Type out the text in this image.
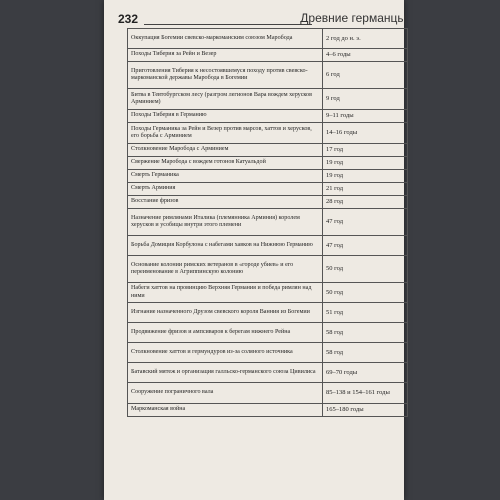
232	Древние германцы
Оккупация Богемии свевско-маркоманским союзом Маробода	2 год до н. э.
Походы Тиберия за Рейн и Везер	4–6 годы
Приготовления Тиберия к несостоявшемуся походу против свевско-маркоманской державы Маробода в Богемии	6 год
Битва в Тевтобургском лесу (разгром легионов Вара вождем херусков Арминием)	9 год
Походы Тиберия в Германию	9–11 годы
Походы Германика за Рейн и Везер против марсов, хаттов и херусков, его борьба с Арминием	14–16 годы
Столкновение Маробода с Арминием	17 год
Свержение Маробода с вождем готонов Катуальдой	19 год
Смерть Германика	19 год
Смерть Арминия	21 год
Восстание фризов	28 год
Назначение римлянами Италика (племянника Арминия) королем херусков и усобицы внутри этого племени	47 год
Борьба Домиция Корбулона с набегами хавков на Нижнюю Германию	47 год
Основание колонии римских ветеранов в «городе убиев» и его переименование в Агриппинскую колонию	50 год
Набеги хаттов на провинцию Верхняя Германия и победа римлян над ними	50 год
Изгнание назначенного Друзом свевского короля Ванния из Богемии	51 год
Продвижение фризов и ампсиваров к берегам нижнего Рейна	58 год
Столкновение хаттов и гермундуров из-за соляного источника	58 год
Батавский мятеж и организация галльско-германского союза Цивилиса	69–70 годы
Сооружение пограничного вала	85–138 и 154–161 годы
Маркоманская война	165–180 годы
